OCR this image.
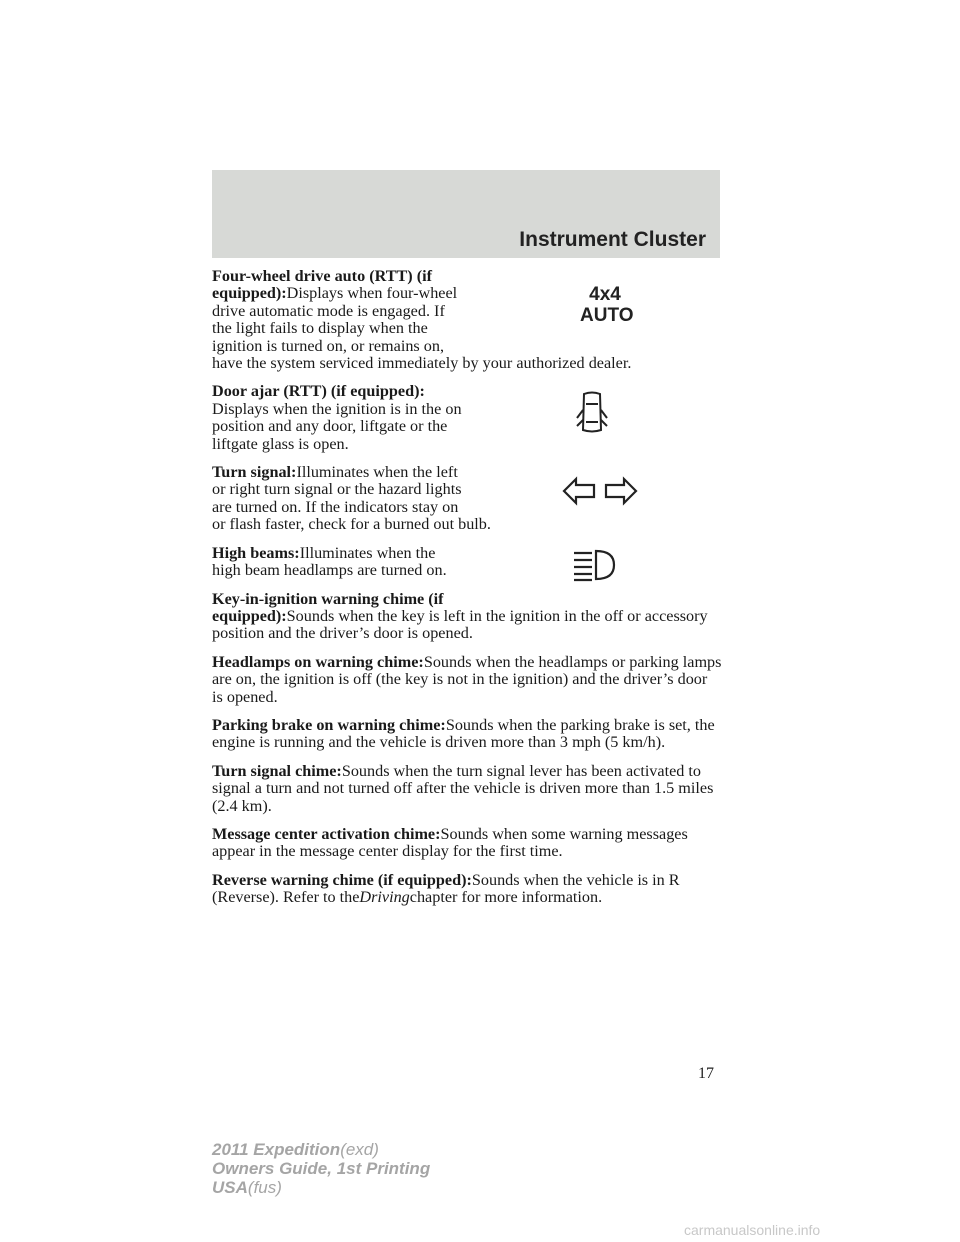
Instrument Cluster
Four-wheel drive auto (RTT) (if equipped):Displays when four-wheel drive automatic mode is engaged. If the light fails to display when the ignition is turned on, or remains on, have the system serviced immediately by your authorized dealer.
Door ajar (RTT) (if equipped):
Displays when the ignition is in the on position and any door, liftgate or the liftgate glass is open.
Turn signal:Illuminates when the left or right turn signal or the hazard lights are turned on. If the indicators stay on or flash faster, check for a burned out bulb.
High beams:Illuminates when the high beam headlamps are turned on.

Key-in-ignition warning chime (if equipped):Sounds when the key is left in the ignition in the off or accessory position and the driver’s door is opened.

Headlamps on warning chime:Sounds when the headlamps or parking lamps are on, the ignition is off (the key is not in the ignition) and the driver’s door is opened.

Parking brake on warning chime:Sounds when the parking brake is set, the engine is running and the vehicle is driven more than 3 mph (5 km/h).

Turn signal chime:Sounds when the turn signal lever has been activated to signal a turn and not turned off after the vehicle is driven more than 1.5 miles (2.4 km).

Message center activation chime:Sounds when some warning messages appear in the message center display for the first time.

Reverse warning chime (if equipped):Sounds when the vehicle is in R (Reverse). Refer to theDrivingchapter for more information.

17
2011 Expedition(exd)
Owners Guide, 1st Printing
USA(fus)
carmanualsonline.info
4x4
AUTO
